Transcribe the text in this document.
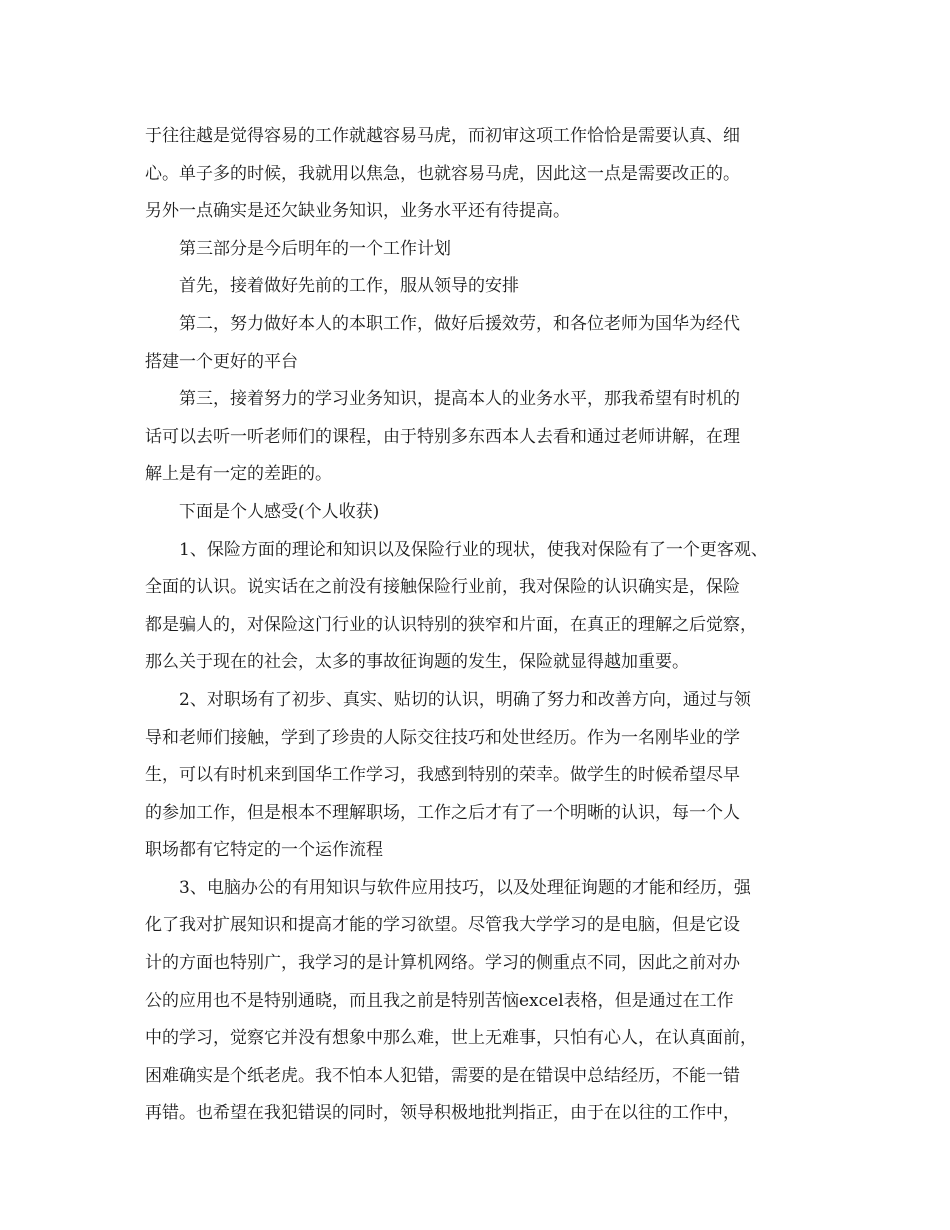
于往往越是觉得容易的工作就越容易马虎，而初审这项工作恰恰是需要认真、细
心。单子多的时候，我就用以焦急，也就容易马虎，因此这一点是需要改正的。
另外一点确实是还欠缺业务知识，业务水平还有待提高。
第三部分是今后明年的一个工作计划
首先，接着做好先前的工作，服从领导的安排
第二，努力做好本人的本职工作，做好后援效劳，和各位老师为国华为经代
搭建一个更好的平台
第三，接着努力的学习业务知识，提高本人的业务水平，那我希望有时机的
话可以去听一听老师们的课程，由于特别多东西本人去看和通过老师讲解，在理
解上是有一定的差距的。
下面是个人感受(个人收获)
1、保险方面的理论和知识以及保险行业的现状，使我对保险有了一个更客观、
全面的认识。说实话在之前没有接触保险行业前，我对保险的认识确实是，保险
都是骗人的，对保险这门行业的认识特别的狭窄和片面，在真正的理解之后觉察，
那么关于现在的社会，太多的事故征询题的发生，保险就显得越加重要。
2、对职场有了初步、真实、贴切的认识，明确了努力和改善方向，通过与领
导和老师们接触，学到了珍贵的人际交往技巧和处世经历。作为一名刚毕业的学
生，可以有时机来到国华工作学习，我感到特别的荣幸。做学生的时候希望尽早
的参加工作，但是根本不理解职场，工作之后才有了一个明晰的认识，每一个人
职场都有它特定的一个运作流程
3、电脑办公的有用知识与软件应用技巧，以及处理征询题的才能和经历，强
化了我对扩展知识和提高才能的学习欲望。尽管我大学学习的是电脑，但是它设
计的方面也特别广，我学习的是计算机网络。学习的侧重点不同，因此之前对办
公的应用也不是特别通晓，而且我之前是特别苦恼excel表格，但是通过在工作
中的学习，觉察它并没有想象中那么难，世上无难事，只怕有心人，在认真面前，
困难确实是个纸老虎。我不怕本人犯错，需要的是在错误中总结经历，不能一错
再错。也希望在我犯错误的同时，领导积极地批判指正，由于在以往的工作中，
